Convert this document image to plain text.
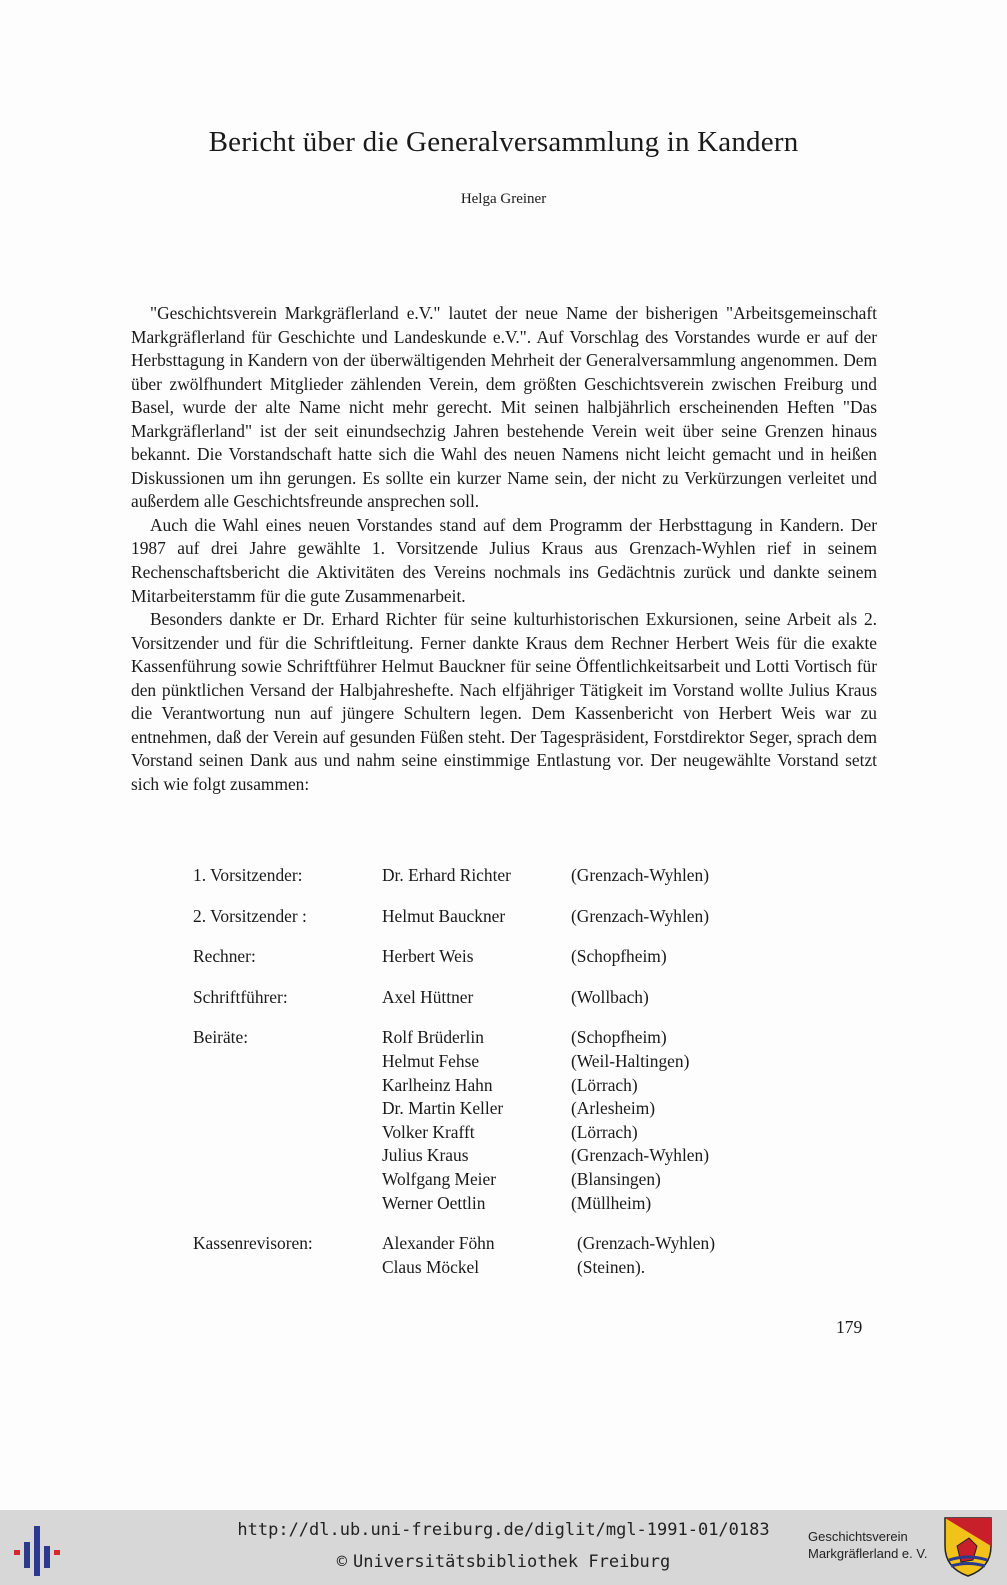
Bericht über die Generalversammlung in Kandern
Helga Greiner

"Geschichtsverein Markgräflerland e.V." lautet der neue Name der bisherigen "Arbeitsgemeinschaft Markgräflerland für Geschichte und Landeskunde e.V.". Auf Vorschlag des Vorstandes wurde er auf der Herbsttagung in Kandern von der überwältigenden Mehrheit der Generalversammlung angenommen. Dem über zwölfhundert Mitglieder zählenden Verein, dem größten Geschichtsverein zwischen Freiburg und Basel, wurde der alte Name nicht mehr gerecht. Mit seinen halbjährlich erscheinenden Heften "Das Markgräflerland" ist der seit einundsechzig Jahren bestehende Verein weit über seine Grenzen hinaus bekannt. Die Vorstandschaft hatte sich die Wahl des neuen Namens nicht leicht gemacht und in heißen Diskussionen um ihn gerungen. Es sollte ein kurzer Name sein, der nicht zu Verkürzungen verleitet und außerdem alle Geschichtsfreunde ansprechen soll.

Auch die Wahl eines neuen Vorstandes stand auf dem Programm der Herbsttagung in Kandern. Der 1987 auf drei Jahre gewählte 1. Vorsitzende Julius Kraus aus Grenzach-Wyhlen rief in seinem Rechenschaftsbericht die Aktivitäten des Vereins nochmals ins Gedächtnis zurück und dankte seinem Mitarbeiterstamm für die gute Zusammenarbeit.

Besonders dankte er Dr. Erhard Richter für seine kulturhistorischen Exkursionen, seine Arbeit als 2. Vorsitzender und für die Schriftleitung. Ferner dankte Kraus dem Rechner Herbert Weis für die exakte Kassenführung sowie Schriftführer Helmut Bauckner für seine Öffentlichkeitsarbeit und Lotti Vortisch für den pünktlichen Versand der Halbjahreshefte. Nach elfjähriger Tätigkeit im Vorstand wollte Julius Kraus die Verantwortung nun auf jüngere Schultern legen. Dem Kassenbericht von Herbert Weis war zu entnehmen, daß der Verein auf gesunden Füßen steht. Der Tagespräsident, Forstdirektor Seger, sprach dem Vorstand seinen Dank aus und nahm seine einstimmige Entlastung vor. Der neugewählte Vorstand setzt sich wie folgt zusammen:

1. Vorsitzender:	Dr. Erhard Richter	(Grenzach-Wyhlen)
2. Vorsitzender :	Helmut Bauckner	(Grenzach-Wyhlen)
Rechner:	Herbert Weis	(Schopfheim)
Schriftführer:	Axel Hüttner	(Wollbach)
Beiräte:	Rolf Brüderlin	(Schopfheim)
Helmut Fehse	(Weil-Haltingen)
Karlheinz Hahn	(Lörrach)
Dr. Martin Keller	(Arlesheim)
Volker Krafft	(Lörrach)
Julius Kraus	(Grenzach-Wyhlen)
Wolfgang Meier	(Blansingen)
Werner Oettlin	(Müllheim)
Kassenrevisoren:	Alexander Föhn	(Grenzach-Wyhlen)
Claus Möckel	(Steinen).
179
http://dl.ub.uni-freiburg.de/diglit/mgl-1991-01/0183
© Universitätsbibliothek Freiburg
Geschichtsverein
Markgräflerland e. V.
